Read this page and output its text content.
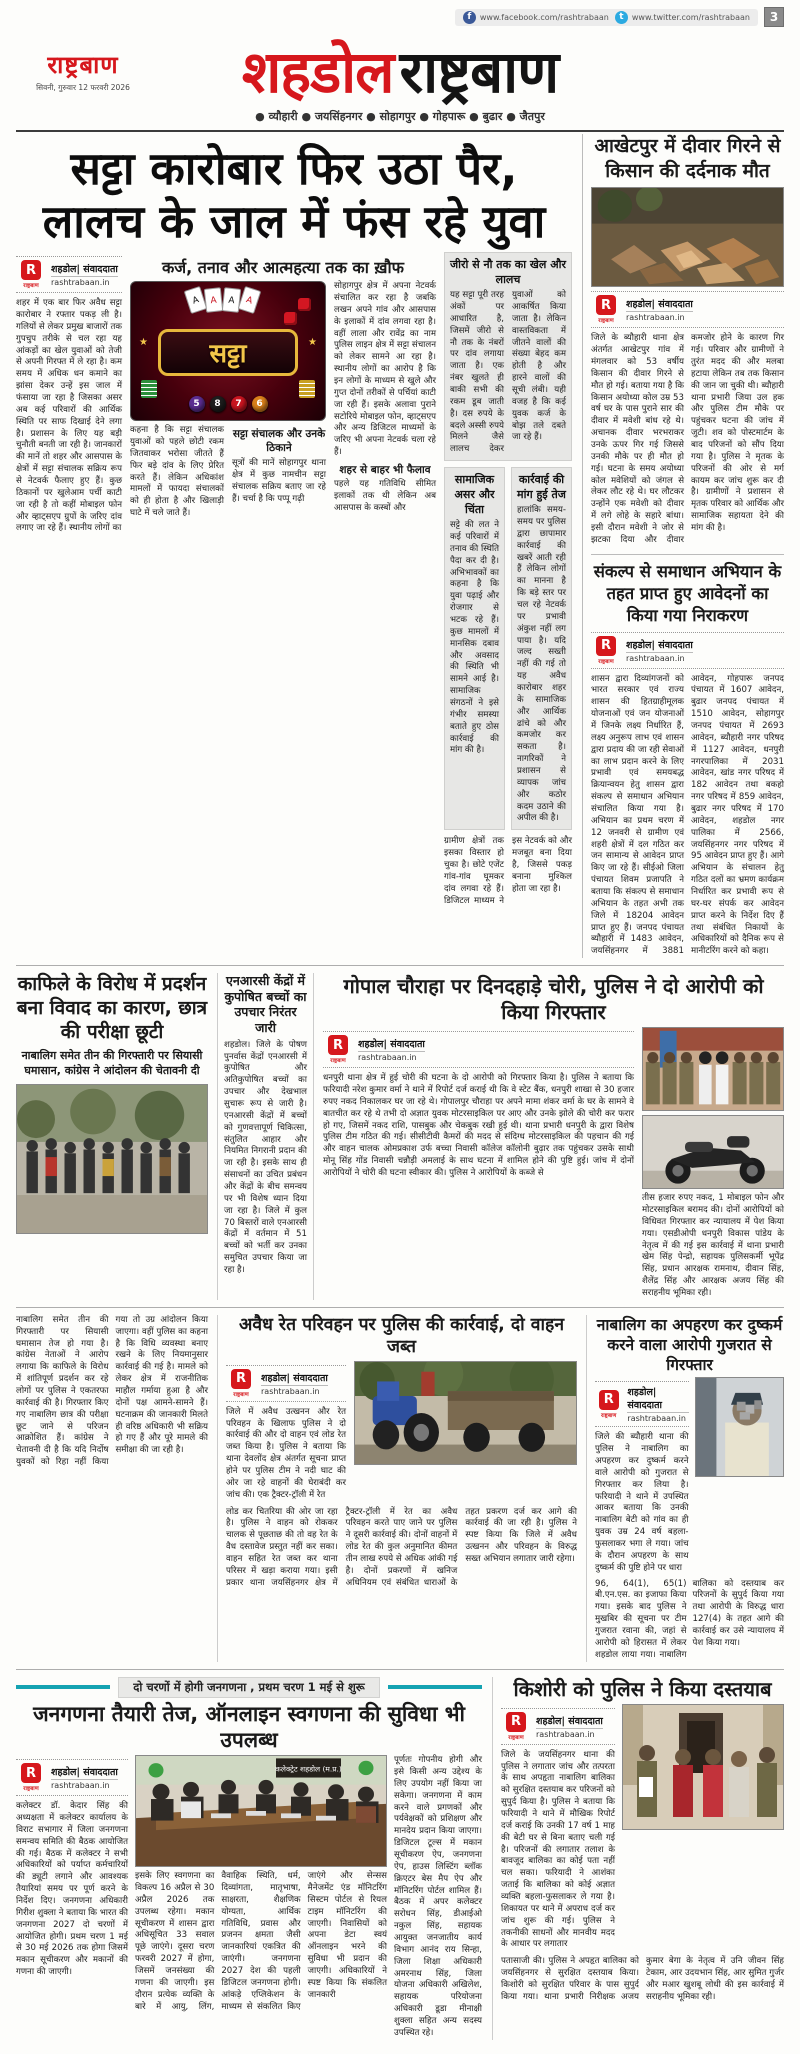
f	www.facebook.com/rashtrabaan	t	www.twitter.com/rashtrabaan	3
राष्ट्रबाण
सिवनी, गुरुवार 12 फरवरी 2026	शहडोल राष्ट्रबाण
● व्यौहारी ● जयसिंहनगर ● सोहागपुर ● गोहपारू ● बुढार ● जैतपुर
सट्टा कारोबार फिर उठा पैर, लालच के जाल में फंस रहे युवा
R
राष्ट्रबाण
शहडोल| संवाददाता
rashtrabaan.in
शहर में एक बार फिर अवैध सट्टा कारोबार ने रफ्तार पकड़ ली है। गलियों से लेकर प्रमुख बाजारों तक गुपचुप तरीके से चल रहा यह आंकड़ों का खेल युवाओं को तेजी से अपनी गिरफ्त में ले रहा है। कम समय में अधिक धन कमाने का झांसा देकर उन्हें इस जाल में फंसाया जा रहा है जिसका असर अब कई परिवारों की आर्थिक स्थिति पर साफ दिखाई देने लगा है। प्रशासन के लिए यह बड़ी चुनौती बनती जा रही है। जानकारों की मानें तो शहर और आसपास के क्षेत्रों में सट्टा संचालक सक्रिय रूप से नेटवर्क फैलाए हुए हैं। कुछ ठिकानों पर खुलेआम पर्ची काटी जा रही है तो कहीं मोबाइल फोन और व्हाट्सएप ग्रुपों के जरिए दांव लगाए जा रहे हैं। स्थानीय लोगों का
कर्ज, तनाव और आत्महत्या तक का ख़ौफ
A	A	A	A
★	★
सट्टा
5	8	7	6
कहना है कि सट्टा संचालक युवाओं को पहले छोटी रकम जितवाकर भरोसा जीतते हैं फिर बड़े दांव के लिए प्रेरित करते हैं। लेकिन अधिकांश मामलों में फायदा संचालकों को ही होता है और खिलाड़ी घाटे में चले जाते हैं।
सट्टा संचालक और उनके ठिकाने
सूत्रों की मानें सोहागपुर थाना क्षेत्र में कुछ नामचीन सट्टा संचालक सक्रिय बताए जा रहे हैं। चर्चा है कि पप्पू गढ़ी
सोहागपुर क्षेत्र में अपना नेटवर्क संचालित कर रहा है जबकि लखन अपने गांव और आसपास के इलाकों में दांव लगवा रहा है। वहीं लाला और रावेंद्र का नाम पुलिस लाइन क्षेत्र में सट्टा संचालन को लेकर सामने आ रहा है। स्थानीय लोगों का आरोप है कि इन लोगों के माध्यम से खुले और गुप्त दोनों तरीकों से पर्चियां काटी जा रही हैं। इसके अलावा पुराने सटोरिये मोबाइल फोन, व्हाट्सएप और अन्य डिजिटल माध्यमों के जरिए भी अपना नेटवर्क चला रहे हैं।
शहर से बाहर भी फैलाव
पहले यह गतिविधि सीमित इलाकों तक थी लेकिन अब आसपास के कस्बों और
जीरो से नौ तक का खेल और लालच
यह सट्टा पूरी तरह अंकों पर आधारित है, जिसमें जीरो से नौ तक के नंबरों पर दांव लगाया जाता है। एक नंबर खुलते ही बाकी सभी की रकम डूब जाती है। दस रुपये के बदले अस्सी रुपये मिलने जैसे लालच देकर युवाओं को आकर्षित किया जाता है। लेकिन वास्तविकता में जीतने वालों की संख्या बेहद कम होती है और हारने वालों की सूची लंबी। यही वजह है कि कई युवक कर्ज के बोझ तले दबते जा रहे हैं।
सामाजिक असर और चिंता
सट्टे की लत ने कई परिवारों में तनाव की स्थिति पैदा कर दी है। अभिभावकों का कहना है कि युवा पढ़ाई और रोजगार से भटक रहे हैं। कुछ मामलों में मानसिक दबाव और अवसाद की स्थिति भी सामने आई है। सामाजिक संगठनों ने इसे गंभीर समस्या बताते हुए ठोस कार्रवाई की मांग की है।
कार्रवाई की मांग हुई तेज
हालांकि समय-समय पर पुलिस द्वारा छापामार कार्रवाई की खबरें आती रही हैं लेकिन लोगों का मानना है कि बड़े स्तर पर चल रहे नेटवर्क पर प्रभावी अंकुश नहीं लग पाया है। यदि जल्द सख्ती नहीं की गई तो यह अवैध कारोबार शहर के सामाजिक और आर्थिक ढांचे को और कमजोर कर सकता है। नागरिकों ने प्रशासन से व्यापक जांच और कठोर कदम उठाने की अपील की है।
ग्रामीण क्षेत्रों तक इसका विस्तार हो चुका है। छोटे एजेंट गांव-गांव घूमकर दांव लगवा रहे हैं। डिजिटल माध्यम ने इस नेटवर्क को और मजबूत बना दिया है, जिससे पकड़ बनाना मुश्किल होता जा रहा है।
आखेटपुर में दीवार गिरने से किसान की दर्दनाक मौत
R
राष्ट्रबाण
शहडोल| संवाददाता
rashtrabaan.in
जिले के ब्यौहारी थाना क्षेत्र अंतर्गत आखेटपुर गांव में मंगलवार को 53 वर्षीय किसान की दीवार गिरने से मौत हो गई। बताया गया है कि किसान अयोध्या कोल उम्र 53 वर्ष घर के पास पुराने सार की दीवार में मवेशी बांध रहे थे। अचानक दीवार भरभराकर उनके ऊपर गिर गई जिससे उनकी मौके पर ही मौत हो गई। घटना के समय अयोध्या कोल मवेशियों को जंगल से लेकर लौट रहे थे। घर लौटकर उन्होंने एक मवेशी को दीवार में लगे लोहे के सहारे बांधा। इसी दौरान मवेशी ने जोर से झटका दिया और दीवार कमजोर होने के कारण गिर गई। परिवार और ग्रामीणों ने तुरंत मदद की और मलबा हटाया लेकिन तब तक किसान की जान जा चुकी थी। ब्यौहारी थाना प्रभारी जिया उल हक और पुलिस टीम मौके पर पहुंचकर घटना की जांच में जुटी। शव को पोस्टमार्टम के बाद परिजनों को सौंप दिया गया है। पुलिस ने मृतक के परिजनों की ओर से मर्ग कायम कर जांच शुरू कर दी है। ग्रामीणों ने प्रशासन से मृतक परिवार को आर्थिक और सामाजिक सहायता देने की मांग की है।
संकल्प से समाधान अभियान के तहत प्राप्त हुए आवेदनों का किया गया निराकरण
R
राष्ट्रबाण
शहडोल| संवाददाता
rashtrabaan.in
शासन द्वारा दिव्यांगजनों को भारत सरकार एवं राज्य शासन की हितग्राहीमूलक योजनाओं एवं जन योजनाओं में जिनके लक्ष्य निर्धारित हैं, लक्ष्य अनुरूप लाभ एवं शासन द्वारा प्रदाय की जा रही सेवाओं का लाभ प्रदान करने के लिए प्रभावी एवं समयबद्ध क्रियान्वयन हेतु शासन द्वारा संकल्प से समाधान अभियान संचालित किया गया है। अभियान का प्रथम चरण में 12 जनवरी से ग्रामीण एवं शहरी क्षेत्रों में दल गठित कर जन सामान्य से आवेदन प्राप्त किए जा रहे हैं। सीईओ जिला पंचायत शिवम प्रजापति ने बताया कि संकल्प से समाधान अभियान के तहत अभी तक जिले में 18204 आवेदन प्राप्त हुए हैं। जनपद पंचायत ब्यौहारी में 1483 आवेदन, जयसिंहनगर में 3881 आवेदन, गोहपारू जनपद पंचायत में 1607 आवेदन, बुढार जनपद पंचायत में 1510 आवेदन, सोहागपुर जनपद पंचायत में 2693 आवेदन, ब्यौहारी नगर परिषद में 1127 आवेदन, धनपुरी नगरपालिका में 2031 आवेदन, खांड नगर परिषद में 182 आवेदन तथा बकहो नगर परिषद में 859 आवेदन, बुढार नगर परिषद में 170 आवेदन, शहडोल नगर पालिका में 2566, जयसिंहनगर नगर परिषद में 95 आवेदन प्राप्त हुए हैं। आगे अभियान के संचालन हेतु गठित दलों का भ्रमण कार्यक्रम निर्धारित कर प्रभावी रूप से घर-घर संपर्क कर आवेदन प्राप्त करने के निर्देश दिए हैं तथा संबंधित निकायों के अधिकारियों को दैनिक रूप से मानीटरिंग करने को कहा।
काफिले के विरोध में प्रदर्शन बना विवाद का कारण, छात्र की परीक्षा छूटी
नाबालिग समेत तीन की गिरफ्तारी पर सियासी घमासान, कांग्रेस ने आंदोलन की चेतावनी दी
एनआरसी केंद्रों में कुपोषित बच्चों का उपचार निरंतर जारी
शहडोल। जिले के पोषण पुनर्वास केंद्रों एनआरसी में कुपोषित और अतिकुपोषित बच्चों का उपचार और देखभाल सुचारू रूप से जारी है। एनआरसी केंद्रों में बच्चों को गुणवत्तापूर्ण चिकित्सा, संतुलित आहार और नियमित निगरानी प्रदान की जा रही है। इसके साथ ही संसाधनों का उचित प्रबंधन और केंद्रों के बीच समन्वय पर भी विशेष ध्यान दिया जा रहा है। जिले में कुल 70 बिस्तरों वाले एनआरसी केंद्रों में वर्तमान में 51 बच्चों को भर्ती कर उनका समुचित उपचार किया जा रहा है।
गोपाल चौराहा पर दिनदहाड़े चोरी, पुलिस ने दो आरोपी को किया गिरफ्तार
R
राष्ट्रबाण
शहडोल| संवाददाता
rashtrabaan.in
धनपुरी थाना क्षेत्र में हुई चोरी की घटना के दो आरोपी को गिरफ्तार किया है। पुलिस ने बताया कि फरियादी नरेश कुमार वर्मा ने थाने में रिपोर्ट दर्ज कराई थी कि वे स्टेट बैंक, धनपुरी शाखा से 30 हजार रुपए नकद निकालकर घर जा रहे थे। गोपालपुर चौराहा पर अपने मामा शंकर वर्मा के घर के सामने वे बातचीत कर रहे थे तभी दो अज्ञात युवक मोटरसाइकिल पर आए और उनके झोले की चोरी कर फरार हो गए, जिसमें नकद राशि, पासबुक और चेकबुक रखी हुई थी। थाना प्रभारी धनपुरी के द्वारा विशेष पुलिस टीम गठित की गई। सीसीटीवी कैमरों की मदद से संदिग्ध मोटरसाइकिल की पहचान की गई और वाहन चालक ओमप्रकाश उर्फ बच्चा निवासी कॉलेज कॉलोनी बुढ़ार तक पहुंचकर उसके साथी मोनू सिंह गोंड निवासी चन्नौड़ी अमलाई के साथ घटना में शामिल होने की पुष्टि हुई। जांच में दोनों आरोपियों ने चोरी की घटना स्वीकार की। पुलिस ने आरोपियों के कब्जे से
तीस हजार रुपए नकद, 1 मोबाइल फोन और मोटरसाइकिल बरामद की। दोनों आरोपियों को विधिवत गिरफ्तार कर न्यायालय में पेश किया गया। एसडीओपी धनपुरी विकास पांडेय के नेतृत्व में की गई इस कार्रवाई में थाना प्रभारी खेम सिंह पेन्द्रो, सहायक पुलिसकर्मी भूपेंद्र सिंह, प्रधान आरक्षक रामनाथ, दीवान सिंह, शैलेंद्र सिंह और आरक्षक अजय सिंह की सराहनीय भूमिका रही।
नाबालिग समेत तीन की गिरफ्तारी पर सियासी घमासान तेज हो गया है। कांग्रेस नेताओं ने आरोप लगाया कि काफिले के विरोध में शांतिपूर्ण प्रदर्शन कर रहे लोगों पर पुलिस ने एकतरफा कार्रवाई की है। गिरफ्तार किए गए नाबालिग छात्र की परीक्षा छूट जाने से परिजन आक्रोशित हैं। कांग्रेस ने चेतावनी दी है कि यदि निर्दोष युवकों को रिहा नहीं किया गया तो उग्र आंदोलन किया जाएगा। वहीं पुलिस का कहना है कि विधि व्यवस्था बनाए रखने के लिए नियमानुसार कार्रवाई की गई है। मामले को लेकर क्षेत्र में राजनीतिक माहौल गर्माया हुआ है और दोनों पक्ष आमने-सामने हैं। घटनाक्रम की जानकारी मिलते ही वरिष्ठ अधिकारी भी सक्रिय हो गए हैं और पूरे मामले की समीक्षा की जा रही है।
अवैध रेत परिवहन पर पुलिस की कार्रवाई, दो वाहन जब्त
R
राष्ट्रबाण
शहडोल| संवाददाता
rashtrabaan.in
जिले में अवैध उत्खनन और रेत परिवहन के खिलाफ पुलिस ने दो कार्रवाई की और दो वाहन एवं लोड रेत जब्त किया है। पुलिस ने बताया कि थाना देवलोंद क्षेत्र अंतर्गत सूचना प्राप्त होने पर पुलिस टीम ने नदी घाट की ओर जा रहे वाहनों की घेराबंदी कर जांच की। एक ट्रैक्टर-ट्रॉली में रेत
लोड कर चितरिया की ओर जा रहा है। पुलिस ने वाहन को रोककर चालक से पूछताछ की तो वह रेत के वैध दस्तावेज प्रस्तुत नहीं कर सका। वाहन सहित रेत जब्त कर थाना परिसर में खड़ा कराया गया। इसी प्रकार थाना जयसिंहनगर क्षेत्र में ट्रैक्टर-ट्रॉली में रेत का अवैध परिवहन करते पाए जाने पर पुलिस ने दूसरी कार्रवाई की। दोनों वाहनों में लोड रेत की कुल अनुमानित कीमत तीन लाख रुपये से अधिक आंकी गई है। दोनों प्रकरणों में खनिज अधिनियम एवं संबंधित धाराओं के तहत प्रकरण दर्ज कर आगे की कार्रवाई की जा रही है। पुलिस ने स्पष्ट किया कि जिले में अवैध उत्खनन और परिवहन के विरुद्ध सख्त अभियान लगातार जारी रहेगा।
नाबालिग का अपहरण कर दुष्कर्म करने वाला आरोपी गुजरात से गिरफ्तार
R
राष्ट्रबाण
शहडोल| संवाददाता
rashtrabaan.in
जिले की ब्यौहारी थाना की पुलिस ने नाबालिग का अपहरण कर दुष्कर्म करने वाले आरोपी को गुजरात से गिरफ्तार कर लिया है। फरियादी ने थाने में उपस्थित आकर बताया कि उनकी नाबालिग बेटी को गांव का ही युवक उम्र 24 वर्ष बहला-फुसलाकर भगा ले गया। जांच के दौरान अपहरण के साथ दुष्कर्म की पुष्टि होने पर धारा
96, 64(1), 65(1) बी.एन.एस. का इजाफा किया गया। इसके बाद पुलिस ने मुखबिर की सूचना पर टीम गुजरात रवाना की, जहां से आरोपी को हिरासत में लेकर शहडोल लाया गया। नाबालिग बालिका को दस्तयाब कर परिजनों के सुपुर्द किया गया तथा आरोपी के विरुद्ध धारा 127(4) के तहत आगे की कार्रवाई कर उसे न्यायालय में पेश किया गया।
दो चरणों में होगी जनगणना , प्रथम चरण 1 मई से शुरू
जनगणना तैयारी तेज, ऑनलाइन स्वगणना की सुविधा भी उपलब्ध
R
राष्ट्रबाण
शहडोल| संवाददाता
rashtrabaan.in
कलेक्टर डॉ. केदार सिंह की अध्यक्षता में कलेक्टर कार्यालय के विराट सभागार में जिला जनगणना समन्वय समिति की बैठक आयोजित की गई। बैठक में कलेक्टर ने सभी अधिकारियों को पर्याप्त कर्मचारियों की ड्यूटी लगाने और आवश्यक तैयारियां समय पर पूर्ण करने के निर्देश दिए। जनगणना अधिकारी गिरीश शुक्ला ने बताया कि भारत की जनगणना 2027 दो चरणों में आयोजित होगी। प्रथम चरण 1 मई से 30 मई 2026 तक होगा जिसमें मकान सूचीकरण और मकानों की गणना की जाएगी।
कलेक्ट्रेट शहडोल (म.प्र.)
इसके लिए स्वगणना का विकल्प 16 अप्रैल से 30 अप्रैल 2026 तक उपलब्ध रहेगा। मकान सूचीकरण में शासन द्वारा अधिसूचित 33 सवाल पूछे जाएंगे। दूसरा चरण फरवरी 2027 में होगा, जिसमें जनसंख्या की गणना की जाएगी। इस दौरान प्रत्येक व्यक्ति के बारे में आयु, लिंग, वैवाहिक स्थिति, धर्म, दिव्यांगता, मातृभाषा, साक्षरता, शैक्षणिक योग्यता, आर्थिक गतिविधि, प्रवास और प्रजनन क्षमता जैसी जानकारियां एकत्रित की जाएंगी। जनगणना 2027 देश की पहली डिजिटल जनगणना होगी। आंकड़े एप्लिकेशन के माध्यम से संकलित किए जाएंगे और सेन्सस मैनेजमेंट एंड मॉनिटरिंग सिस्टम पोर्टल से रियल टाइम मॉनिटरिंग की जाएगी। निवासियों को अपना डेटा स्वयं ऑनलाइन भरने की सुविधा भी प्रदान की जाएगी। अधिकारियों ने स्पष्ट किया कि संकलित जानकारी
पूर्णतः गोपनीय होगी और इसे किसी अन्य उद्देश्य के लिए उपयोग नहीं किया जा सकेगा। जनगणना में काम करने वाले प्रगणकों और पर्यवेक्षकों को प्रशिक्षण और मानदेय प्रदान किया जाएगा। डिजिटल टूल्स में मकान सूचीकरण ऐप, जनगणना ऐप, हाउस लिस्टिंग ब्लॉक क्रिएटर बेस मैप ऐप और मॉनिटरिंग पोर्टल शामिल हैं। बैठक में अपर कलेक्टर सरोधन सिंह, डीआईओ नकुल सिंह, सहायक आयुक्त जनजातीय कार्य विभाग आनंद राय सिन्हा, जिला शिक्षा अधिकारी अमरनाथ सिंह, जिला योजना अधिकारी अखिलेश, सहायक परियोजना अधिकारी डूडा मीनाक्षी शुक्ला सहित अन्य सदस्य उपस्थित रहे।
किशोरी को पुलिस ने किया दस्तयाब
R
राष्ट्रबाण
शहडोल| संवाददाता
rashtrabaan.in
जिले के जयसिंहनगर थाना की पुलिस ने लगातार जांच और तत्परता के साथ अपहृता नाबालिग बालिका को सुरक्षित दस्तयाब कर परिजनों को सुपुर्द किया है। पुलिस ने बताया कि फरियादी ने थाने में मौखिक रिपोर्ट दर्ज कराई कि उनकी 17 वर्ष 1 माह की बेटी घर से बिना बताए चली गई है। परिजनों की लगातार तलाश के बावजूद बालिका का कोई पता नहीं चल सका। फरियादी ने आशंका जताई कि बालिका को कोई अज्ञात व्यक्ति बहला-फुसलाकर ले गया है। शिकायत पर थाने में अपराध दर्ज कर जांच शुरू की गई। पुलिस ने तकनीकी साधनों और मानवीय मदद के आधार पर लगातार
पतासाजी की। पुलिस ने अपहृत बालिका को जयसिंहनगर से सुरक्षित दस्तयाब किया। किशोरी को सुरक्षित परिवार के पास सुपुर्द किया गया। थाना प्रभारी निरीक्षक अजय कुमार बेगा के नेतृत्व में उनि जीवन सिंह टेकाम, आर उदयभान सिंह, आर सुमित गुर्जर और मआर खुशबू लोधी की इस कार्रवाई में सराहनीय भूमिका रही।
